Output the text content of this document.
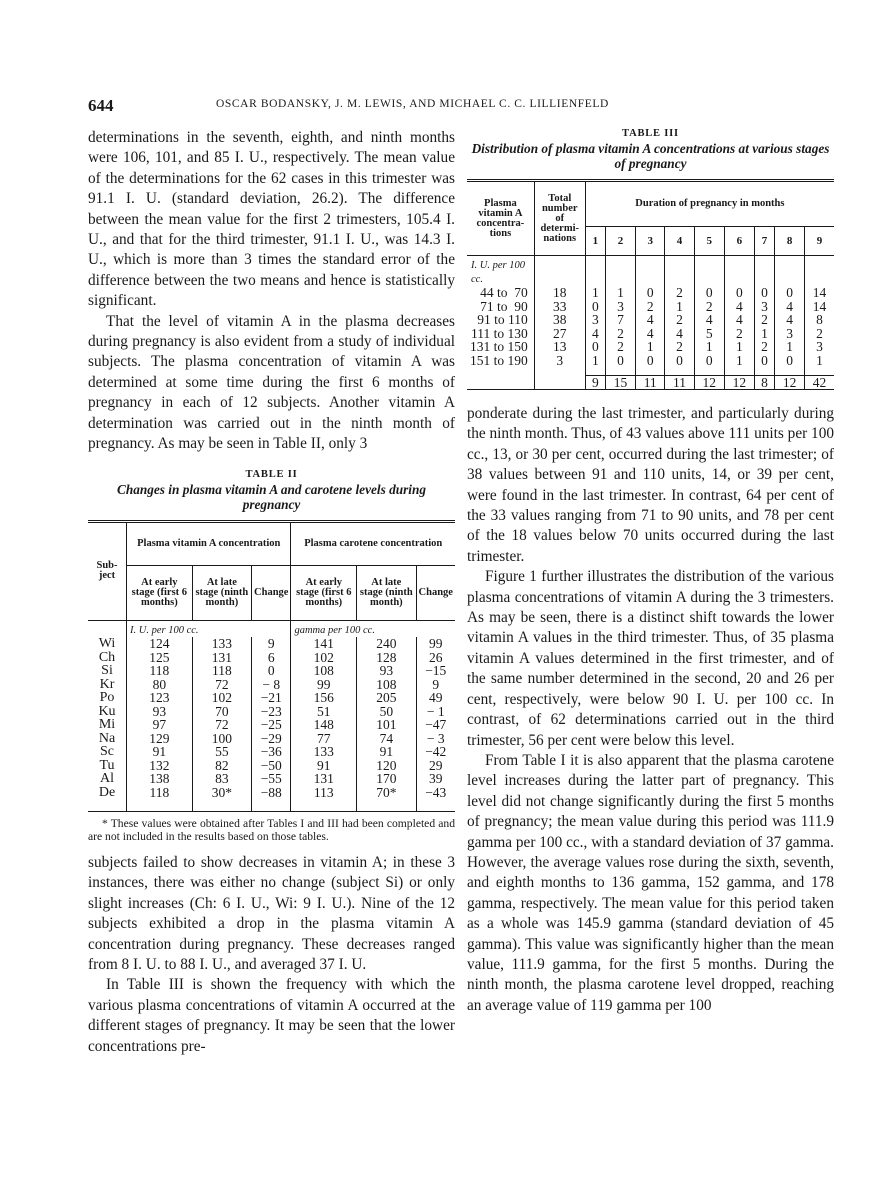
644	OSCAR BODANSKY, J. M. LEWIS, AND MICHAEL C. C. LILLIENFELD

determinations in the seventh, eighth, and ninth months were 106, 101, and 85 I. U., respectively. The mean value of the determinations for the 62 cases in this trimester was 91.1 I. U. (standard deviation, 26.2). The difference between the mean value for the first 2 trimesters, 105.4 I. U., and that for the third trimester, 91.1 I. U., was 14.3 I. U., which is more than 3 times the standard error of the difference between the two means and hence is statistically significant.

That the level of vitamin A in the plasma decreases during pregnancy is also evident from a study of individual subjects. The plasma concentration of vitamin A was determined at some time during the first 6 months of pregnancy in each of 12 subjects. Another vitamin A determination was carried out in the ninth month of pregnancy. As may be seen in Table II, only 3

TABLE II
Changes in plasma vitamin A and carotene levels during pregnancy
Sub-ject	Plasma vitamin A concentration			Plasma carotene concentration		
	At early stage (first 6 months)	At late stage (ninth month)	Change	At early stage (first 6 months)	At late stage (ninth month)	Change
	I. U. per 100 cc.			gamma per 100 cc.		
Wi	124	133	9	141	240	99
Ch	125	131	6	102	128	26
Si	118	118	0	108	93	−15
Kr	80	72	− 8	99	108	9
Po	123	102	−21	156	205	49
Ku	93	70	−23	51	50	− 1
Mi	97	72	−25	148	101	−47
Na	129	100	−29	77	74	− 3
Sc	91	55	−36	133	91	−42
Tu	132	82	−50	91	120	29
Al	138	83	−55	131	170	39
De	118	30*	−88	113	70*	−43

* These values were obtained after Tables I and III had been completed and are not included in the results based on those tables.

subjects failed to show decreases in vitamin A; in these 3 instances, there was either no change (subject Si) or only slight increases (Ch: 6 I. U., Wi: 9 I. U.). Nine of the 12 subjects exhibited a drop in the plasma vitamin A concentration during pregnancy. These decreases ranged from 8 I. U. to 88 I. U., and averaged 37 I. U.

In Table III is shown the frequency with which the various plasma concentrations of vitamin A occurred at the different stages of pregnancy. It may be seen that the lower concentrations pre-

TABLE III
Distribution of plasma vitamin A concentrations at various stages of pregnancy
Plasma vitamin A concentra-tions	Total number of determi-nations	Duration of pregnancy in months								
		1	2	3	4	5	6	7	8	9
I. U. per 100 cc.										
44 to  70	18	1	1	0	2	0	0	0	0	14
71 to  90	33	0	3	2	1	2	4	3	4	14
91 to 110	38	3	7	4	2	4	4	2	4	8
111 to 130	27	4	2	4	4	5	2	1	3	2
131 to 150	13	0	2	1	2	1	1	2	1	3
151 to 190	3	1	0	0	0	0	1	0	0	1

		9	15	11	11	12	12	8	12	42

ponderate during the last trimester, and particularly during the ninth month. Thus, of 43 values above 111 units per 100 cc., 13, or 30 per cent, occurred during the last trimester; of 38 values between 91 and 110 units, 14, or 39 per cent, were found in the last trimester. In contrast, 64 per cent of the 33 values ranging from 71 to 90 units, and 78 per cent of the 18 values below 70 units occurred during the last trimester.

Figure 1 further illustrates the distribution of the various plasma concentrations of vitamin A during the 3 trimesters. As may be seen, there is a distinct shift towards the lower vitamin A values in the third trimester. Thus, of 35 plasma vitamin A values determined in the first trimester, and of the same number determined in the second, 20 and 26 per cent, respectively, were below 90 I. U. per 100 cc. In contrast, of 62 determinations carried out in the third trimester, 56 per cent were below this level.

From Table I it is also apparent that the plasma carotene level increases during the latter part of pregnancy. This level did not change significantly during the first 5 months of pregnancy; the mean value during this period was 111.9 gamma per 100 cc., with a standard deviation of 37 gamma. However, the average values rose during the sixth, seventh, and eighth months to 136 gamma, 152 gamma, and 178 gamma, respectively. The mean value for this period taken as a whole was 145.9 gamma (standard deviation of 45 gamma). This value was significantly higher than the mean value, 111.9 gamma, for the first 5 months. During the ninth month, the plasma carotene level dropped, reaching an average value of 119 gamma per 100
